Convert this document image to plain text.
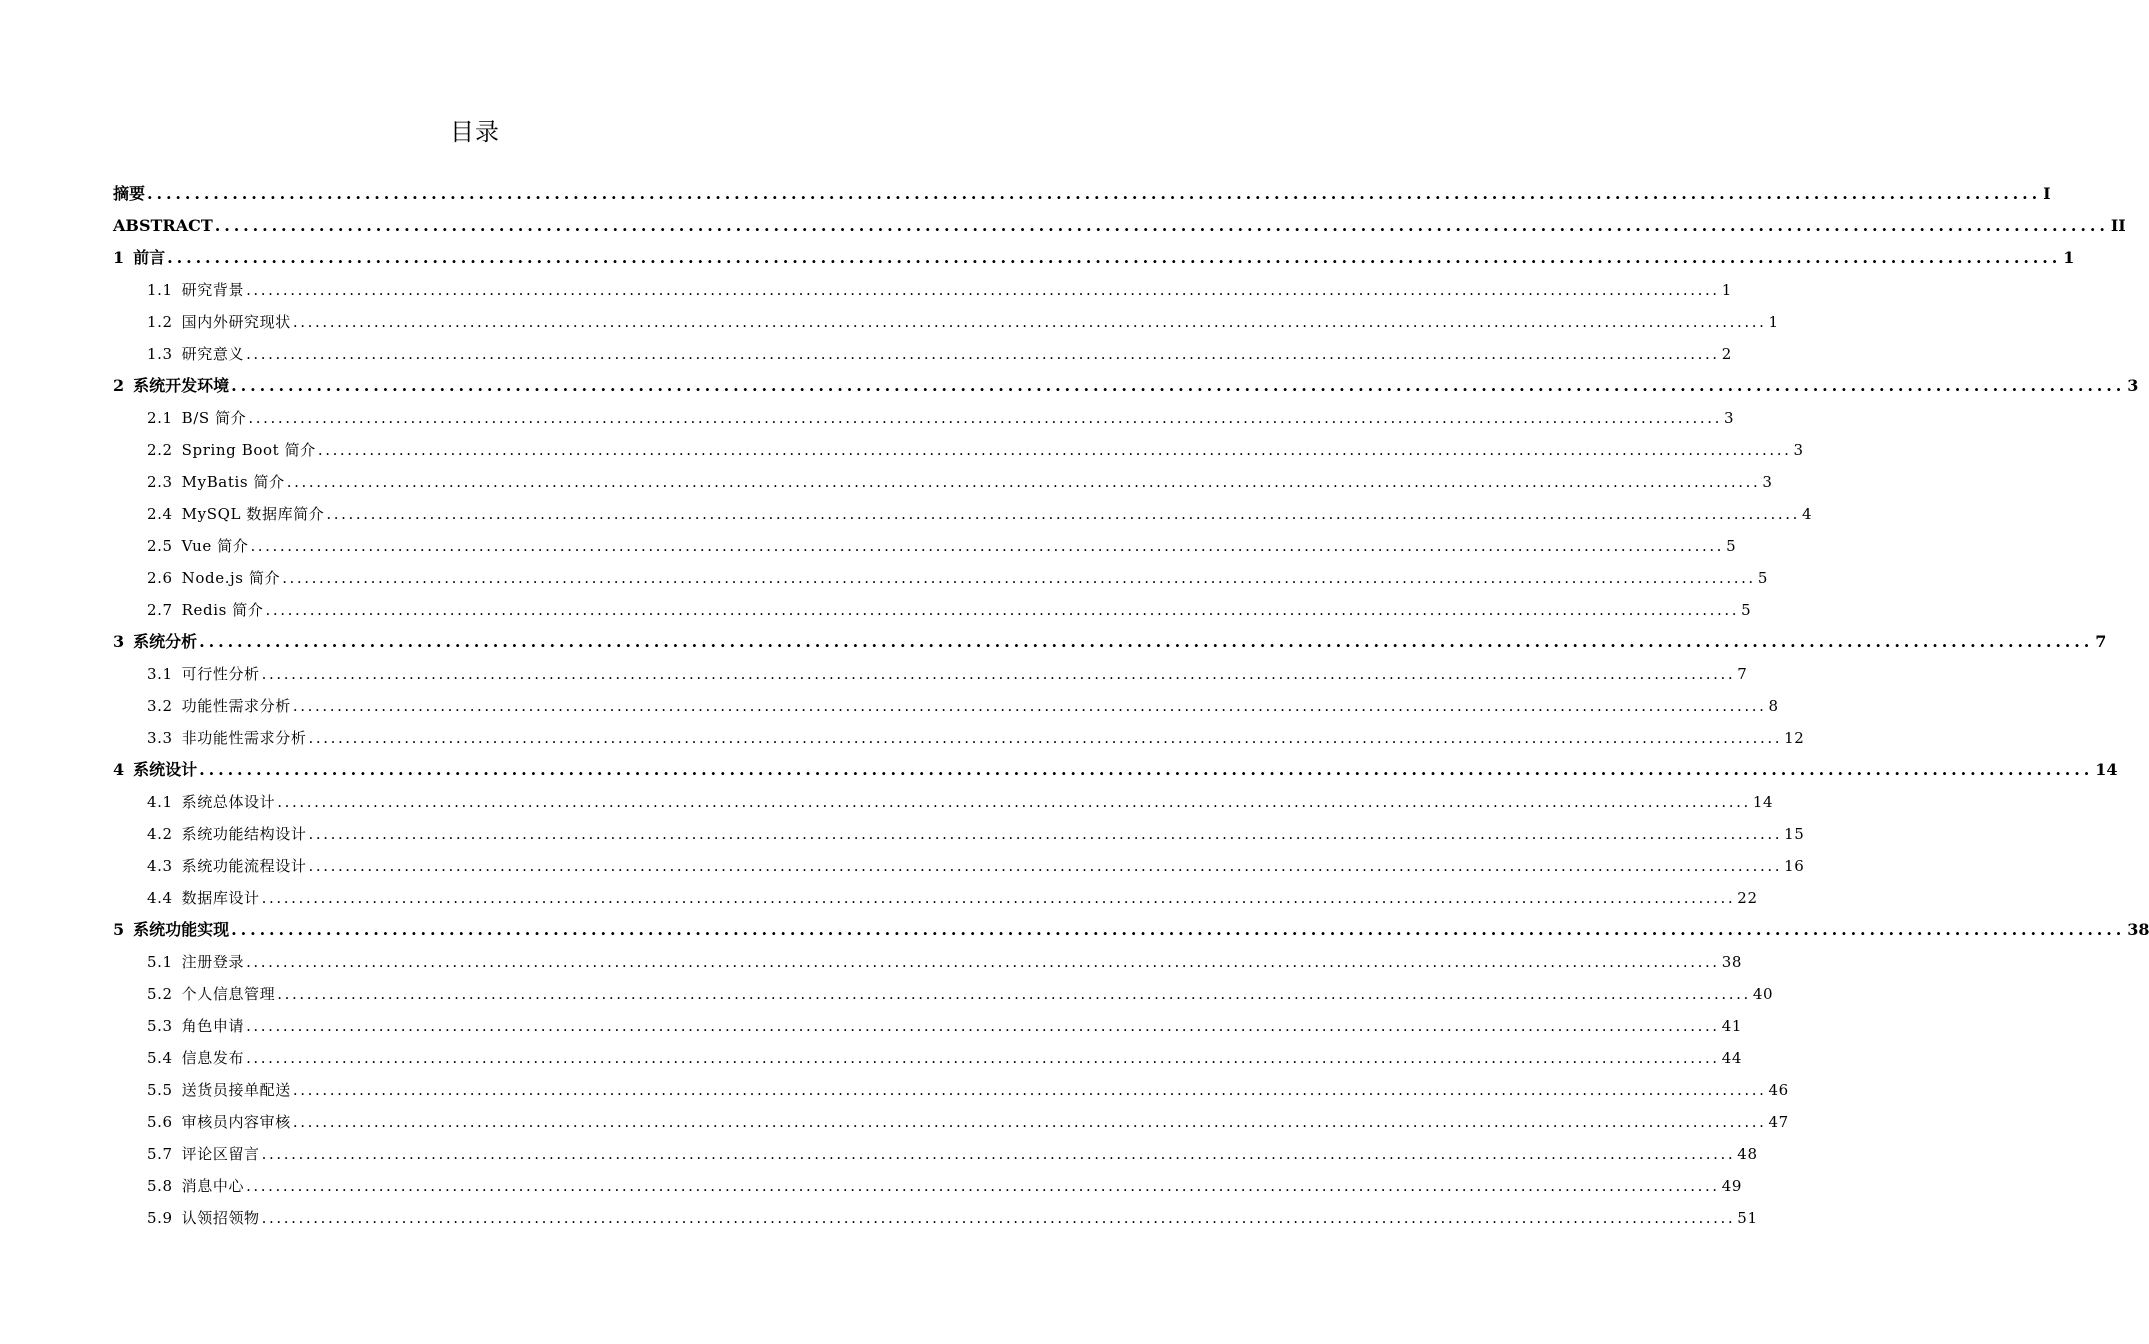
目录
摘要 ........................................................................................................................................................................................................ I
ABSTRACT ........................................................................................................................................................................................................ II
1 前言 ........................................................................................................................................................................................................ 1
1.1 研究背景 ........................................................................................................................................................................................................ 1
1.2 国内外研究现状 ........................................................................................................................................................................................................ 1
1.3 研究意义 ........................................................................................................................................................................................................ 2
2 系统开发环境 ........................................................................................................................................................................................................ 3
2.1 B/S 简介 ........................................................................................................................................................................................................ 3
2.2 Spring Boot 简介 ........................................................................................................................................................................................................ 3
2.3 MyBatis 简介 ........................................................................................................................................................................................................ 3
2.4 MySQL 数据库简介 ........................................................................................................................................................................................................ 4
2.5 Vue 简介 ........................................................................................................................................................................................................ 5
2.6 Node.js 简介 ........................................................................................................................................................................................................ 5
2.7 Redis 简介 ........................................................................................................................................................................................................ 5
3 系统分析 ........................................................................................................................................................................................................ 7
3.1 可行性分析 ........................................................................................................................................................................................................ 7
3.2 功能性需求分析 ........................................................................................................................................................................................................ 8
3.3 非功能性需求分析 ........................................................................................................................................................................................................ 12
4 系统设计 ........................................................................................................................................................................................................ 14
4.1 系统总体设计 ........................................................................................................................................................................................................ 14
4.2 系统功能结构设计 ........................................................................................................................................................................................................ 15
4.3 系统功能流程设计 ........................................................................................................................................................................................................ 16
4.4 数据库设计 ........................................................................................................................................................................................................ 22
5 系统功能实现 ........................................................................................................................................................................................................ 38
5.1 注册登录 ........................................................................................................................................................................................................ 38
5.2 个人信息管理 ........................................................................................................................................................................................................ 40
5.3 角色申请 ........................................................................................................................................................................................................ 41
5.4 信息发布 ........................................................................................................................................................................................................ 44
5.5 送货员接单配送 ........................................................................................................................................................................................................ 46
5.6 审核员内容审核 ........................................................................................................................................................................................................ 47
5.7 评论区留言 ........................................................................................................................................................................................................ 48
5.8 消息中心 ........................................................................................................................................................................................................ 49
5.9 认领招领物 ........................................................................................................................................................................................................ 51
